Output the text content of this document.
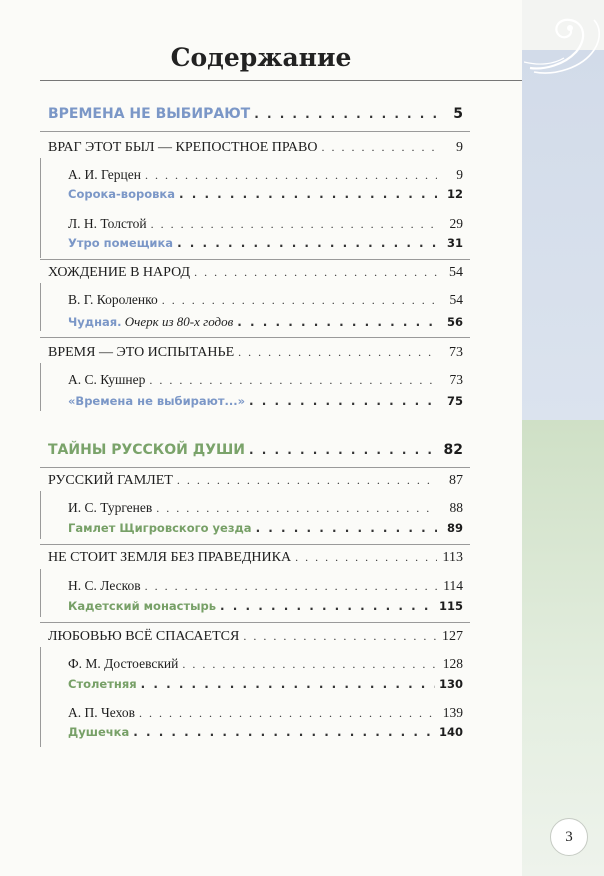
Содержание
ВРЕМЕНА НЕ ВЫБИРАЮТ . . .	5
ВРАГ ЭТОТ БЫЛ — КРЕПОСТНОЕ ПРАВО . . .	9
А. И. Герцен . . .	9
Сорока-воровка . . .	12
Л. Н. Толстой . . .	29
Утро помещика . . .	31
ХОЖДЕНИЕ В НАРОД . . .	54
В. Г. Короленко . . .	54
Чудная. Очерк из 80-х годов . . .	56
ВРЕМЯ — ЭТО ИСПЫТАНЬЕ . . .	73
А. С. Кушнер . . .	73
«Времена не выбирают...» . . .	75
ТАЙНЫ РУССКОЙ ДУШИ . . .	82
РУССКИЙ ГАМЛЕТ . . .	87
И. С. Тургенев . . .	88
Гамлет Щигровского уезда . . .	89
НЕ СТОИТ ЗЕМЛЯ БЕЗ ПРАВЕДНИКА . . .	113
Н. С. Лесков . . .	114
Кадетский монастырь . . .	115
ЛЮБОВЬЮ ВСЁ СПАСАЕТСЯ . . .	127
Ф. М. Достоевский . . .	128
Столетняя . . .	130
А. П. Чехов . . .	139
Душечка . . .	140
3
